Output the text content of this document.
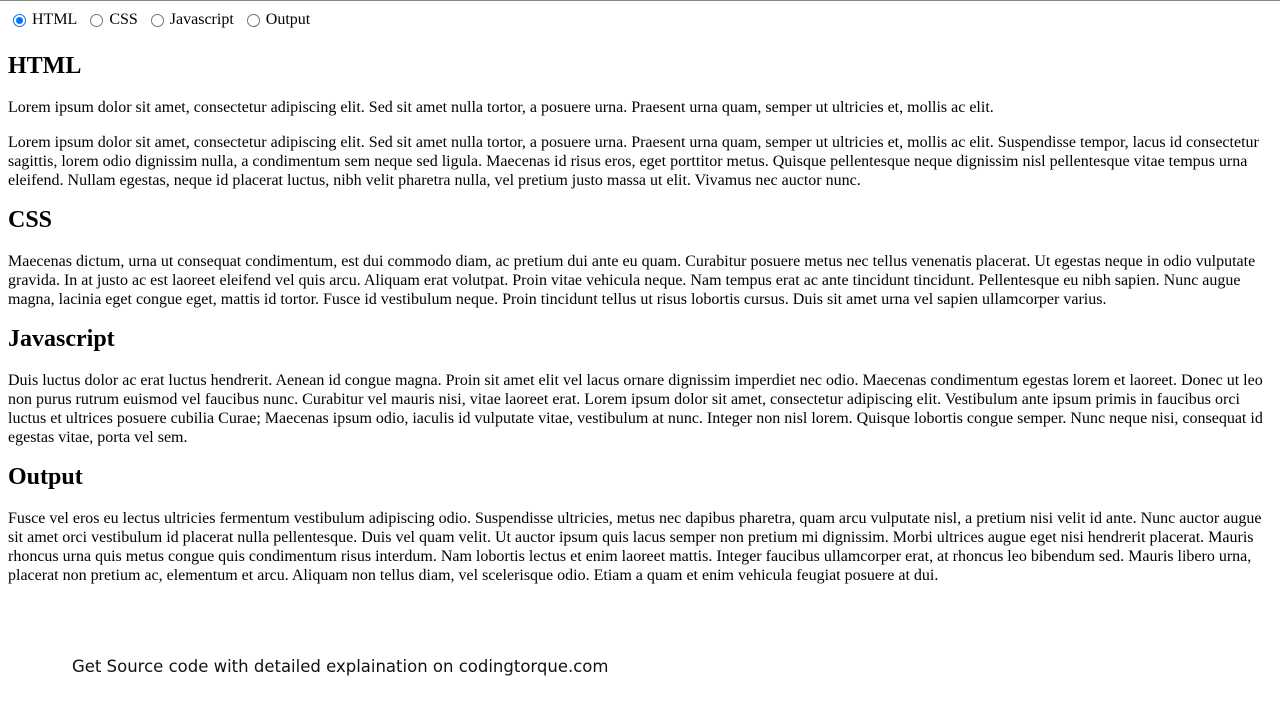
HTML CSS Javascript Output
HTML

Lorem ipsum dolor sit amet, consectetur adipiscing elit. Sed sit amet nulla tortor, a posuere urna. Praesent urna quam, semper ut ultricies et, mollis ac elit.

Lorem ipsum dolor sit amet, consectetur adipiscing elit. Sed sit amet nulla tortor, a posuere urna. Praesent urna quam, semper ut ultricies et, mollis ac elit. Suspendisse tempor, lacus id consectetur sagittis, lorem odio dignissim nulla, a condimentum sem neque sed ligula. Maecenas id risus eros, eget porttitor metus. Quisque pellentesque neque dignissim nisl pellentesque vitae tempus urna eleifend. Nullam egestas, neque id placerat luctus, nibh velit pharetra nulla, vel pretium justo massa ut elit. Vivamus nec auctor nunc.

CSS

Maecenas dictum, urna ut consequat condimentum, est dui commodo diam, ac pretium dui ante eu quam. Curabitur posuere metus nec tellus venenatis placerat. Ut egestas neque in odio vulputate gravida. In at justo ac est laoreet eleifend vel quis arcu. Aliquam erat volutpat. Proin vitae vehicula neque. Nam tempus erat ac ante tincidunt tincidunt. Pellentesque eu nibh sapien. Nunc augue magna, lacinia eget congue eget, mattis id tortor. Fusce id vestibulum neque. Proin tincidunt tellus ut risus lobortis cursus. Duis sit amet urna vel sapien ullamcorper varius.

Javascript

Duis luctus dolor ac erat luctus hendrerit. Aenean id congue magna. Proin sit amet elit vel lacus ornare dignissim imperdiet nec odio. Maecenas condimentum egestas lorem et laoreet. Donec ut leo non purus rutrum euismod vel faucibus nunc. Curabitur vel mauris nisi, vitae laoreet erat. Lorem ipsum dolor sit amet, consectetur adipiscing elit. Vestibulum ante ipsum primis in faucibus orci luctus et ultrices posuere cubilia Curae; Maecenas ipsum odio, iaculis id vulputate vitae, vestibulum at nunc. Integer non nisl lorem. Quisque lobortis congue semper. Nunc neque nisi, consequat id egestas vitae, porta vel sem.

Output

Fusce vel eros eu lectus ultricies fermentum vestibulum adipiscing odio. Suspendisse ultricies, metus nec dapibus pharetra, quam arcu vulputate nisl, a pretium nisi velit id ante. Nunc auctor augue sit amet orci vestibulum id placerat nulla pellentesque. Duis vel quam velit. Ut auctor ipsum quis lacus semper non pretium mi dignissim. Morbi ultrices augue eget nisi hendrerit placerat. Mauris rhoncus urna quis metus congue quis condimentum risus interdum. Nam lobortis lectus et enim laoreet mattis. Integer faucibus ullamcorper erat, at rhoncus leo bibendum sed. Mauris libero urna, placerat non pretium ac, elementum et arcu. Aliquam non tellus diam, vel scelerisque odio. Etiam a quam et enim vehicula feugiat posuere at dui.

Get Source code with detailed explaination on codingtorque.com
